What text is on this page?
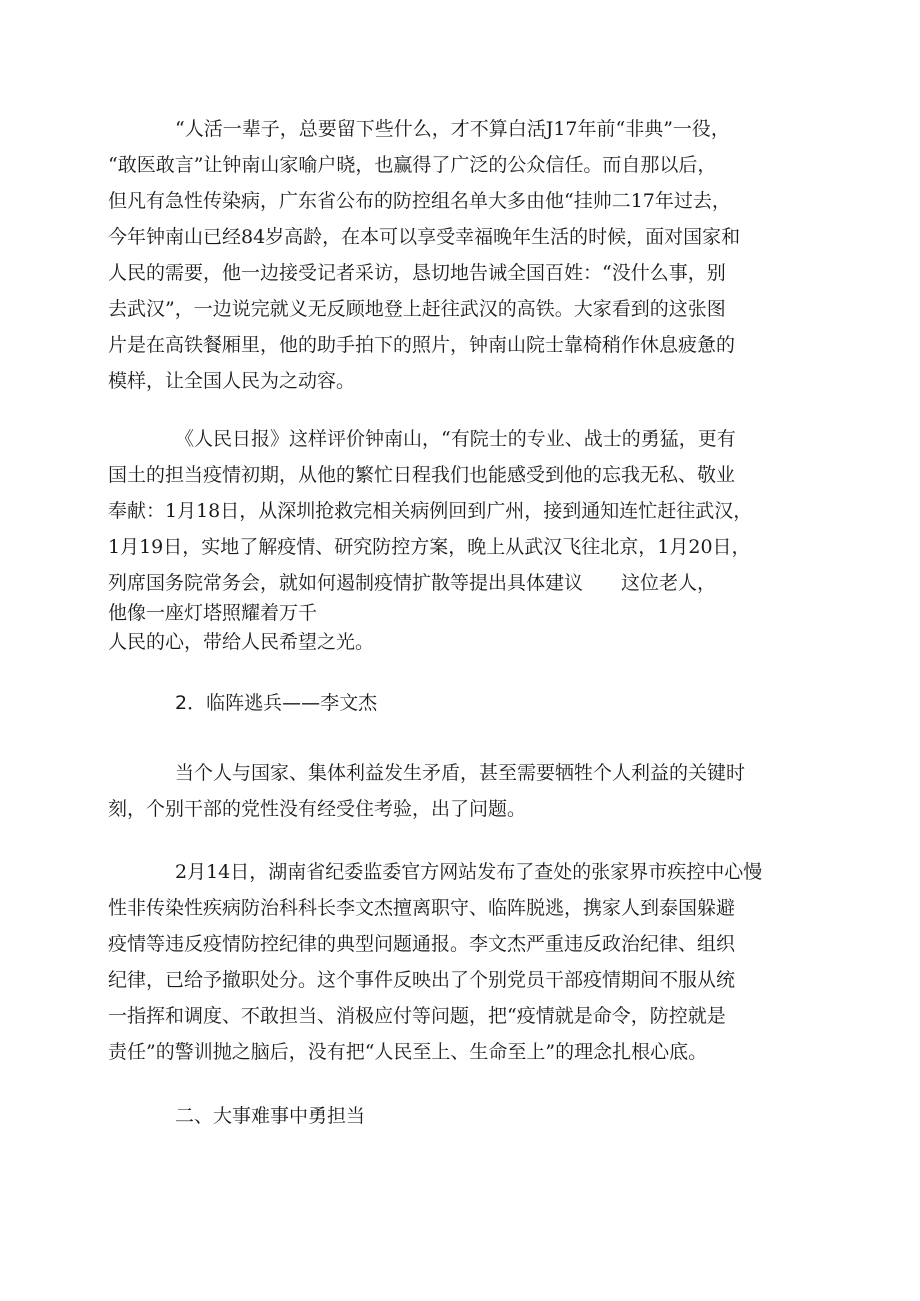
“人活一辈子，总要留下些什么，才不算白活J17年前“非典”一役，
“敢医敢言”让钟南山家喻户晓，也赢得了广泛的公众信任。而自那以后，
但凡有急性传染病，广东省公布的防控组名单大多由他“挂帅二17年过去，
今年钟南山已经84岁高龄，在本可以享受幸福晚年生活的时候，面对国家和
人民的需要，他一边接受记者采访，恳切地告诫全国百姓：“没什么事，别
去武汉”，一边说完就义无反顾地登上赶往武汉的高铁。大家看到的这张图
片是在高铁餐厢里，他的助手拍下的照片，钟南山院士靠椅稍作休息疲惫的
模样，让全国人民为之动容。
《人民日报》这样评价钟南山，“有院士的专业、战士的勇猛，更有
国土的担当疫情初期，从他的繁忙日程我们也能感受到他的忘我无私、敬业
奉献：1月18日，从深圳抢救完相关病例回到广州，接到通知连忙赶往武汉，
1月19日，实地了解疫情、研究防控方案，晚上从武汉飞往北京，1月20日，
列席国务院常务会，就如何遏制疫情扩散等提出具体建议　　这位老人，
他像一座灯塔照耀着万千
人民的心，带给人民希望之光。
2．临阵逃兵——李文杰
当个人与国家、集体利益发生矛盾，甚至需要牺牲个人利益的关键时
刻，个别干部的党性没有经受住考验，出了问题。
2月14日，湖南省纪委监委官方网站发布了查处的张家界市疾控中心慢
性非传染性疾病防治科科长李文杰擅离职守、临阵脱逃，携家人到泰国躲避
疫情等违反疫情防控纪律的典型问题通报。李文杰严重违反政治纪律、组织
纪律，已给予撤职处分。这个事件反映出了个别党员干部疫情期间不服从统
一指挥和调度、不敢担当、消极应付等问题，把“疫情就是命令，防控就是
责任”的警训抛之脑后，没有把“人民至上、生命至上”的理念扎根心底。
二、大事难事中勇担当
